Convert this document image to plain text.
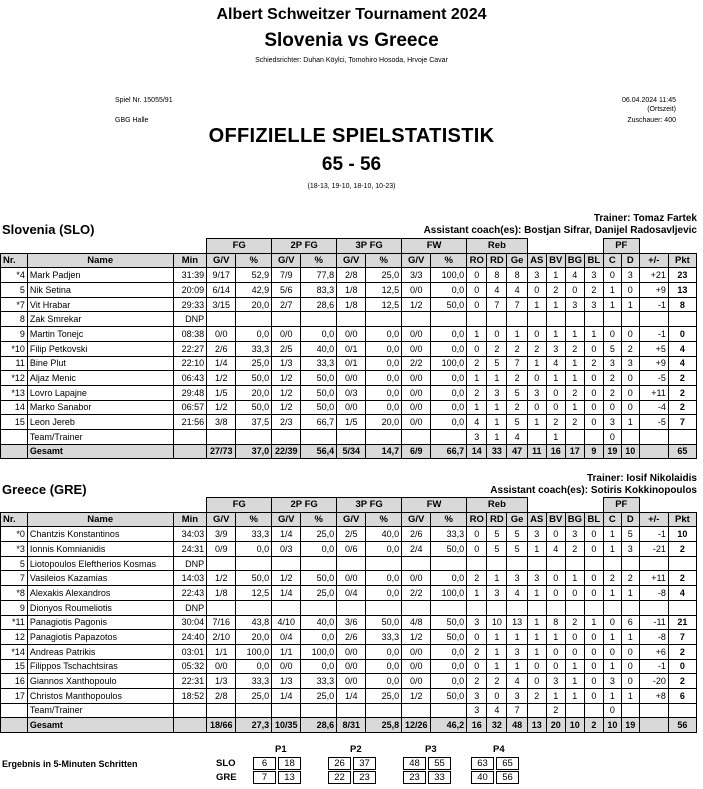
Albert Schweitzer Tournament 2024
Slovenia vs Greece
Schiedsrichter: Duhan Köylci, Tomohiro Hosoda, Hrvoje Cavar
Spiel Nr. 15055/91	06.04.2024 11:45
(Ortszeit)
GBG Halle	Zuschauer: 400
OFFIZIELLE SPIELSTATISTIK
65 - 56
(18-13, 19-10, 18-10, 10-23)
Slovenia (SLO)
Trainer: Tomaz Fartek
Assistant coach(es): Bostjan Sifrar, Danijel Radosavljevic
			FG		2P FG		3P FG		FW		Reb							PF			
Nr.	Name	Min	G/V	%	G/V	%	G/V	%	G/V	%	RO	RD	Ge	AS	BV	BG	BL	C	D	+/-	Pkt
*4	Mark Padjen	31:39	9/17	52,9	7/9	77,8	2/8	25,0	3/3	100,0	0	8	8	3	1	4	3	0	3	+21	23
5	Nik Setina	20:09	6/14	42,9	5/6	83,3	1/8	12,5	0/0	0,0	0	4	4	0	2	0	2	1	0	+9	13
*7	Vit Hrabar	29:33	3/15	20,0	2/7	28,6	1/8	12,5	1/2	50,0	0	7	7	1	1	3	3	1	1	-1	8
8	Zak Smrekar	DNP																			
9	Martin Tonejc	08:38	0/0	0,0	0/0	0,0	0/0	0,0	0/0	0,0	1	0	1	0	1	1	1	0	0	-1	0
*10	Filip Petkovski	22:27	2/6	33,3	2/5	40,0	0/1	0,0	0/0	0,0	0	2	2	2	3	2	0	5	2	+5	4
11	Bine Plut	22:10	1/4	25,0	1/3	33,3	0/1	0,0	2/2	100,0	2	5	7	1	4	1	2	3	3	+9	4
*12	Aljaz Menic	06:43	1/2	50,0	1/2	50,0	0/0	0,0	0/0	0,0	1	1	2	0	1	1	0	2	0	-5	2
*13	Lovro Lapajne	29:48	1/5	20,0	1/2	50,0	0/3	0,0	0/0	0,0	2	3	5	3	0	2	0	2	0	+11	2
14	Marko Sanabor	06:57	1/2	50,0	1/2	50,0	0/0	0,0	0/0	0,0	1	1	2	0	0	1	0	0	0	-4	2
15	Leon Jereb	21:56	3/8	37,5	2/3	66,7	1/5	20,0	0/0	0,0	4	1	5	1	2	2	0	3	1	-5	7
	Team/Trainer										3	1	4		1			0			
	Gesamt		27/73	37,0	22/39	56,4	5/34	14,7	6/9	66,7	14	33	47	11	16	17	9	19	10		65
Greece (GRE)
Trainer: Iosif Nikolaidis
Assistant coach(es): Sotiris Kokkinopoulos
			FG		2P FG		3P FG		FW		Reb							PF			
Nr.	Name	Min	G/V	%	G/V	%	G/V	%	G/V	%	RO	RD	Ge	AS	BV	BG	BL	C	D	+/-	Pkt
*0	Chantzis Konstantinos	34:03	3/9	33,3	1/4	25,0	2/5	40,0	2/6	33,3	0	5	5	3	0	3	0	1	5	-1	10
*3	Ionnis Komnianidis	24:31	0/9	0,0	0/3	0,0	0/6	0,0	2/4	50,0	0	5	5	1	4	2	0	1	3	-21	2
5	Liotopoulos Eleftherios Kosmas	DNP																			
7	Vasileios Kazamias	14:03	1/2	50,0	1/2	50,0	0/0	0,0	0/0	0,0	2	1	3	3	0	1	0	2	2	+11	2
*8	Alexakis Alexandros	22:43	1/8	12,5	1/4	25,0	0/4	0,0	2/2	100,0	1	3	4	1	0	0	0	1	1	-8	4
9	Dionyos Roumeliotis	DNP																			
*11	Panagiotis Pagonis	30:04	7/16	43,8	4/10	40,0	3/6	50,0	4/8	50,0	3	10	13	1	8	2	1	0	6	-11	21
12	Panagiotis Papazotos	24:40	2/10	20,0	0/4	0,0	2/6	33,3	1/2	50,0	0	1	1	1	1	0	0	1	1	-8	7
*14	Andreas Patrikis	03:01	1/1	100,0	1/1	100,0	0/0	0,0	0/0	0,0	2	1	3	1	0	0	0	0	0	+6	2
15	Filippos Tschachtsiras	05:32	0/0	0,0	0/0	0,0	0/0	0,0	0/0	0,0	0	1	1	0	0	1	0	1	0	-1	0
16	Giannos Xanthopoulo	22:31	1/3	33,3	1/3	33,3	0/0	0,0	0/0	0,0	2	2	4	0	3	1	0	3	0	-20	2
17	Christos Manthopoulos	18:52	2/8	25,0	1/4	25,0	1/4	25,0	1/2	50,0	3	0	3	2	1	1	0	1	1	+8	6
	Team/Trainer										3	4	7		2			0			
	Gesamt		18/66	27,3	10/35	28,6	8/31	25,8	12/26	46,2	16	32	48	13	20	10	2	10	19		56
Ergebnis in 5-Minuten Schritten
P1	P2	P3	P4
SLO	6	18	26	37	48	55	63	65
GRE	7	13	22	23	23	33	40	56
